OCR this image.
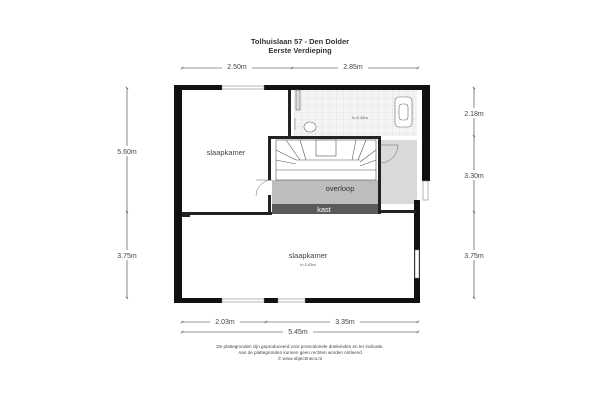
Tolhuislaan 57 - Den Dolder
Eerste Verdieping
slaapkamer
slaapkamer
h=2.63m
h=2.45m
overloop
kast
2.50m	2.85m
5.60m
3.75m
2.18m
3.30m
3.75m
2.03m	3.35m
5.45m
De plattegronden zijn geproduceerd voor promotionele doeleinden en ter indicatie.
Aan de plattegronden kunnen geen rechten worden ontleend
© www.objectmeco.nl
